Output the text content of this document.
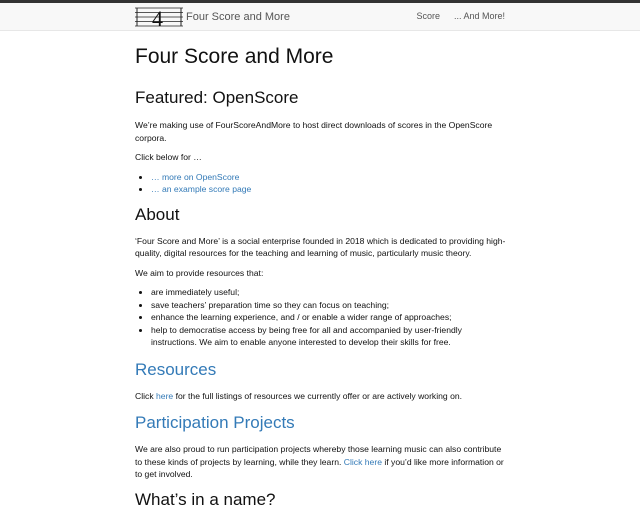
4 Four Score and More	Score ... And More!
Four Score and More
Featured: OpenScore

We’re making use of FourScoreAndMore to host direct downloads of scores in the OpenScore corpora.

Click below for …

• … more on OpenScore
• … an example score page
About

‘Four Score and More’ is a social enterprise founded in 2018 which is dedicated to providing high-quality, digital resources for the teaching and learning of music, particularly music theory.

We aim to provide resources that:

• are immediately useful;
• save teachers’ preparation time so they can focus on teaching;
• enhance the learning experience, and / or enable a wider range of approaches;
• help to democratise access by being free for all and accompanied by user-friendly instructions. We aim to enable anyone interested to develop their skills for free.
Resources

Click here for the full listings of resources we currently offer or are actively working on.

Participation Projects

We are also proud to run participation projects whereby those learning music can also contribute to these kinds of projects by learning, while they learn. Click here if you’d like more information or to get involved.

What’s in a name?
